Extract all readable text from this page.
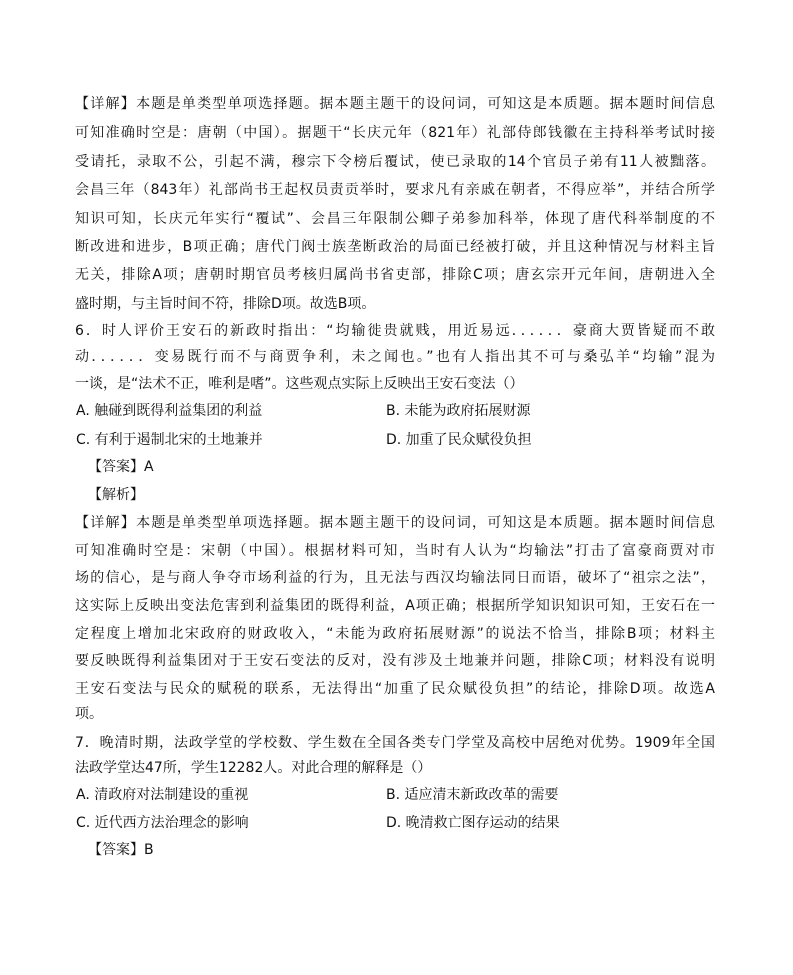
【详解】本题是单类型单项选择题。据本题主题干的设问词，可知这是本质题。据本题时间信息
可知准确时空是：唐朝（中国）。据题干“长庆元年（821年）礼部侍郎钱徽在主持科举考试时接
受请托，录取不公，引起不满，穆宗下令榜后覆试，使已录取的14个官员子弟有11人被黜落。
会昌三年（843年）礼部尚书王起权员责贡举时，要求凡有亲戚在朝者，不得应举”，并结合所学
知识可知，长庆元年实行“覆试”、会昌三年限制公卿子弟参加科举，体现了唐代科举制度的不
断改进和进步，B项正确；唐代门阀士族垄断政治的局面已经被打破，并且这种情况与材料主旨
无关，排除A项；唐朝时期官员考核归属尚书省吏部，排除C项；唐玄宗开元年间，唐朝进入全
盛时期，与主旨时间不符，排除D项。故选B项。
6．时人评价王安石的新政时指出：“均输徙贵就贱，用近易远．．．．．．豪商大贾皆疑而不敢
动．．．．．．变易既行而不与商贾争利，未之闻也。”也有人指出其不可与桑弘羊“均输”混为
一谈，是“法术不正，唯利是嗜”。这些观点实际上反映出王安石变法（）
A. 触碰到既得利益集团的利益	B. 未能为政府拓展财源
C. 有利于遏制北宋的土地兼并	D. 加重了民众赋役负担
【答案】A
【解析】
【详解】本题是单类型单项选择题。据本题主题干的设问词，可知这是本质题。据本题时间信息
可知准确时空是：宋朝（中国）。根据材料可知，当时有人认为“均输法”打击了富豪商贾对市
场的信心，是与商人争夺市场利益的行为，且无法与西汉均输法同日而语，破坏了“祖宗之法”，
这实际上反映出变法危害到利益集团的既得利益，A项正确；根据所学知识知识可知，王安石在一
定程度上增加北宋政府的财政收入，“未能为政府拓展财源”的说法不恰当，排除B项；材料主
要反映既得利益集团对于王安石变法的反对，没有涉及土地兼并问题，排除C项；材料没有说明
王安石变法与民众的赋税的联系，无法得出“加重了民众赋役负担”的结论，排除D项。故选A
项。
7．晚清时期，法政学堂的学校数、学生数在全国各类专门学堂及高校中居绝对优势。1909年全国
法政学堂达47所，学生12282人。对此合理的解释是（）
A. 清政府对法制建设的重视	B. 适应清末新政改革的需要
C. 近代西方法治理念的影响	D. 晚清救亡图存运动的结果
【答案】B
